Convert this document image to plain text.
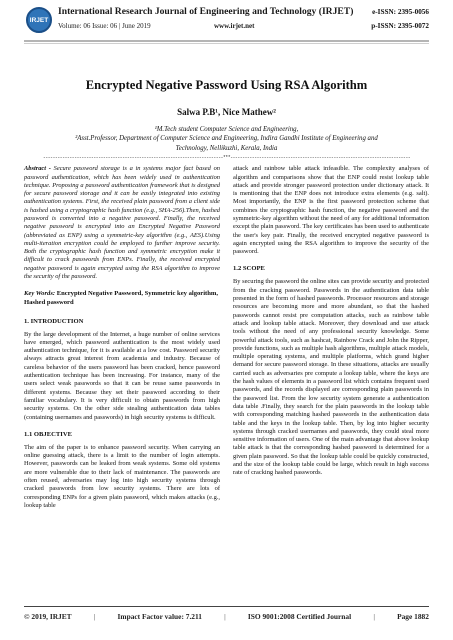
IRJET
International Research Journal of Engineering and Technology (IRJET)
Volume: 06 Issue: 06 | June 2019	www.irjet.net
e-ISSN: 2395-0056
p-ISSN: 2395-0072
Encrypted Negative Password Using RSA Algorithm
Salwa P.B¹, Nice Mathew²
¹M.Tech student Computer Science and Engineering,
²Asst.Professor, Department of Computer Science and Engineering, Indira Gandhi Institute of Engineering and
Technology, Nellikuzhi, Kerala, India
---------------------------------------------------------------------------***---------------------------------------------------------------------------

Abstract - Secure password storage is a in systems major fact based on password authentication, which has been widely used in authentication technique. Proposing a password authentication framework that is designed for secure password storage and it can be easily integrated into existing authentication systems. First, the received plain password from a client side is hashed using a cryptographic hash function (e.g., SHA-256).Then, hashed password is converted into a negative password. Finally, the received negative password is encrypted into an Encrypted Negative Password (abbreviated as ENP) using a symmetric-key algorithm (e.g., AES).Using multi-iteration encryption could be employed to further improve security. Both the cryptographic hash function and symmetric encryption make it difficult to crack passwords from ENPs. Finally, the received encrypted negative password is again encrypted using the RSA algorithm to improve the security of the password.

Key Words: Encrypted Negative Password, Symmetric key algorithm, Hashed password

1. INTRODUCTION

By the large development of the Internet, a huge number of online services have emerged, which password authentication is the most widely used authentication technique, for it is available at a low cost. Password security always attracts great interest from academia and industry. Because of careless behavior of the users password has been cracked, hence password authentication technique has been increasing. For instance, many of the users select weak passwords so that it can be reuse same passwords in different systems. Because they set their password according to their familiar vocabulary. It is very difficult to obtain passwords from high security systems. On the other side stealing authentication data tables (containing usernames and passwords) in high security systems is difficult.

1.1 OBJECTIVE

The aim of the paper is to enhance password security. When carrying an online guessing attack, there is a limit to the number of login attempts. However, passwords can be leaked from weak systems. Some old systems are more vulnerable due to their lack of maintenance. The passwords are often reused, adversaries may log into high security systems through cracked passwords from low security systems. There are lots of corresponding ENPs for a given plain password, which makes attacks (e.g., lookup table

attack and rainbow table attack infeasible. The complexity analyses of algorithm and comparisons show that the ENP could resist lookup table attack and provide stronger password protection under dictionary attack. It is mentioning that the ENP does not introduce extra elements (e.g. salt). Most importantly, the ENP is the first password protection scheme that combines the cryptographic hash function, the negative password and the symmetric-key algorithm without the need of any for additional information except the plain password. The key certificates has been used to authenticate the user's key pair. Finally, the received encrypted negative password is again encrypted using the RSA algorithm to improve the security of the password.

1.2 SCOPE

By securing the password the online sites can provide security and protected from the cracking password. Passwords in the authentication data table presented in the form of hashed passwords. Processor resources and storage resources are becoming more and more abundant, so that the hashed passwords cannot resist pre computation attacks, such as rainbow table attack and lookup table attack. Moreover, they download and use attack tools without the need of any professional security knowledge. Some powerful attack tools, such as hashcat, Rainbow Crack and John the Ripper, provide functions, such as multiple hash algorithms, multiple attack models, multiple operating systems, and multiple platforms, which grand higher demand for secure password storage. In these situations, attacks are usually carried such as adversaries pre compute a lookup table, where the keys are the hash values of elements in a password list which contains frequent used passwords, and the records displayed are corresponding plain passwords in the password list. From the low security system generate a authentication data table .Finally, they search for the plain passwords in the lookup table with corresponding matching hashed passwords in the authentication data table and the keys in the lookup table. Then, by log into higher security systems through cracked usernames and passwords, they could steal more sensitive information of users. One of the main advantage that above lookup table attack is that the corresponding hashed password is determined for a given plain password. So that the lookup table could be quickly constructed, and the size of the lookup table could be large, which result in high success rate of cracking hashed passwords.

© 2019, IRJET	|	Impact Factor value: 7.211	|	ISO 9001:2008 Certified Journal	|	Page 1882
